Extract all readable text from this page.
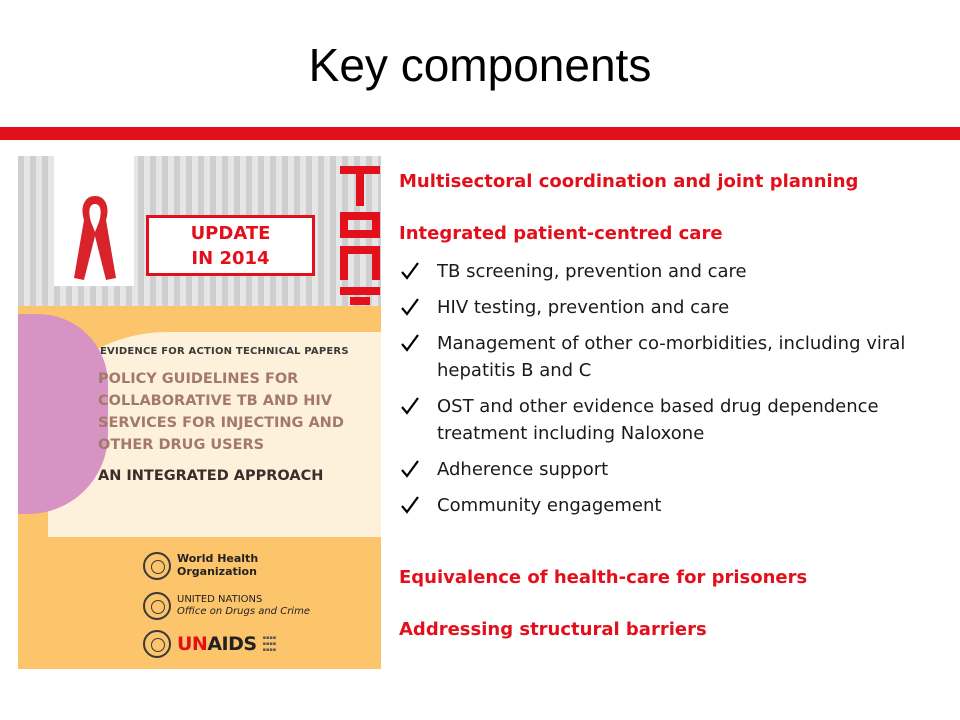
Key components
EVIDENCE FOR ACTION TECHNICAL PAPERS
POLICY GUIDELINES FOR
COLLABORATIVE TB AND HIV
SERVICES FOR INJECTING AND
OTHER DRUG USERS
AN INTEGRATED APPROACH
World Health
Organization
UNITED NATIONS
Office on Drugs and Crime
UNAIDS ▪▪▪▪
▪▪▪▪
▪▪▪▪
UPDATE
IN 2014
Multisectoral coordination and joint planning
Integrated patient-centred care
TB screening, prevention and care
HIV testing, prevention and care
Management of other co-morbidities, including viral hepatitis B and C
OST and other evidence based drug dependence treatment including Naloxone
Adherence support
Community engagement
Equivalence of health-care for prisoners
Addressing structural barriers
